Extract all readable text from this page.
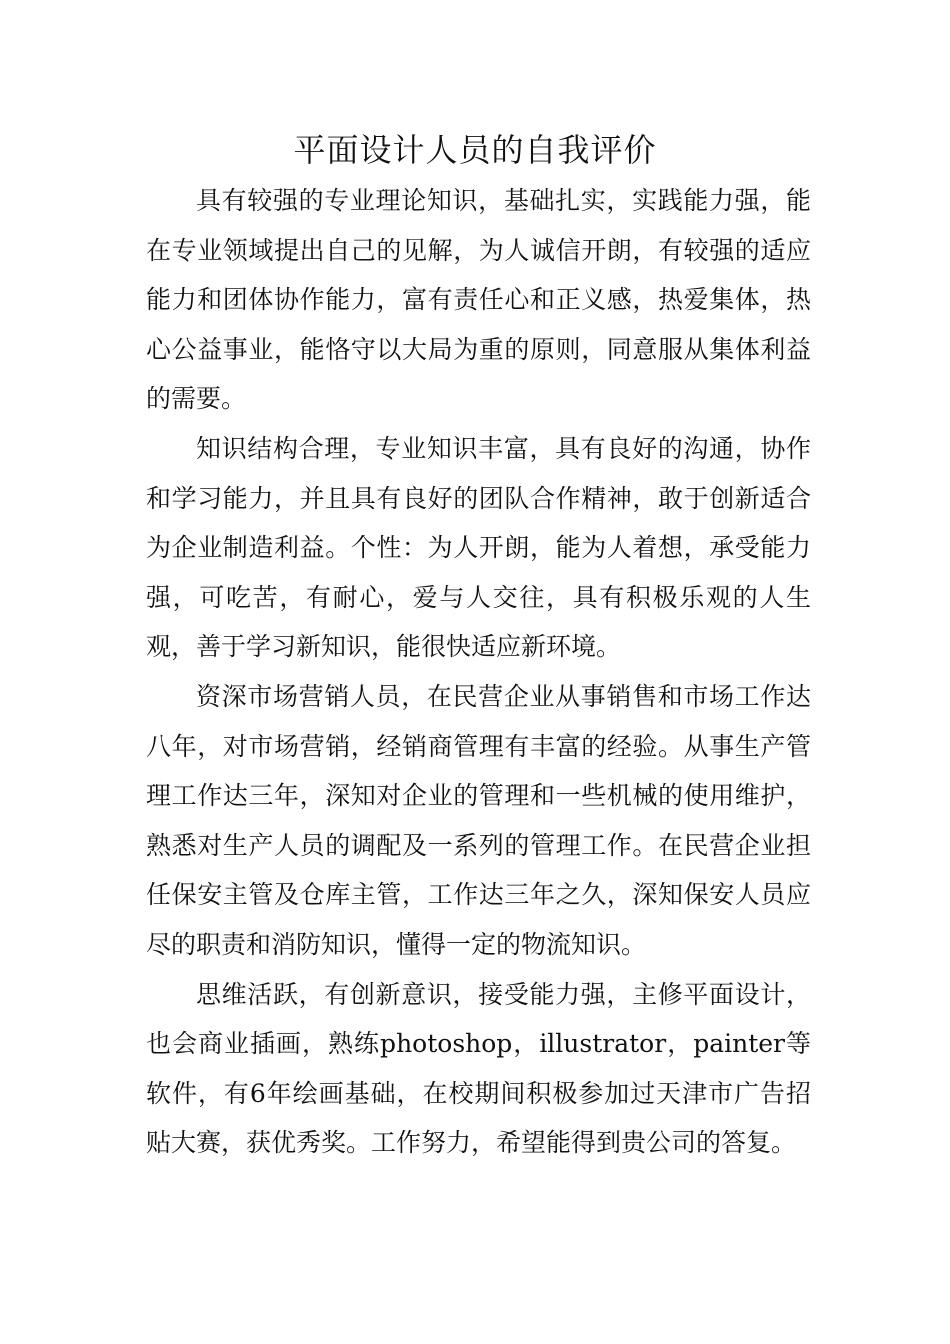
平面设计人员的自我评价

具有较强的专业理论知识，基础扎实，实践能力强，能在专业领域提出自己的见解，为人诚信开朗，有较强的适应能力和团体协作能力，富有责任心和正义感，热爱集体，热心公益事业，能恪守以大局为重的原则，同意服从集体利益的需要。

知识结构合理，专业知识丰富，具有良好的沟通，协作和学习能力，并且具有良好的团队合作精神，敢于创新适合为企业制造利益。个性：为人开朗，能为人着想，承受能力强，可吃苦，有耐心，爱与人交往，具有积极乐观的人生观，善于学习新知识，能很快适应新环境。

资深市场营销人员，在民营企业从事销售和市场工作达八年，对市场营销，经销商管理有丰富的经验。从事生产管理工作达三年，深知对企业的管理和一些机械的使用维护，熟悉对生产人员的调配及一系列的管理工作。在民营企业担任保安主管及仓库主管，工作达三年之久，深知保安人员应尽的职责和消防知识，懂得一定的物流知识。

思维活跃，有创新意识，接受能力强，主修平面设计，也会商业插画，熟练photoshop，illustrator，painter等软件，有6年绘画基础，在校期间积极参加过天津市广告招贴大赛，获优秀奖。工作努力，希望能得到贵公司的答复。
